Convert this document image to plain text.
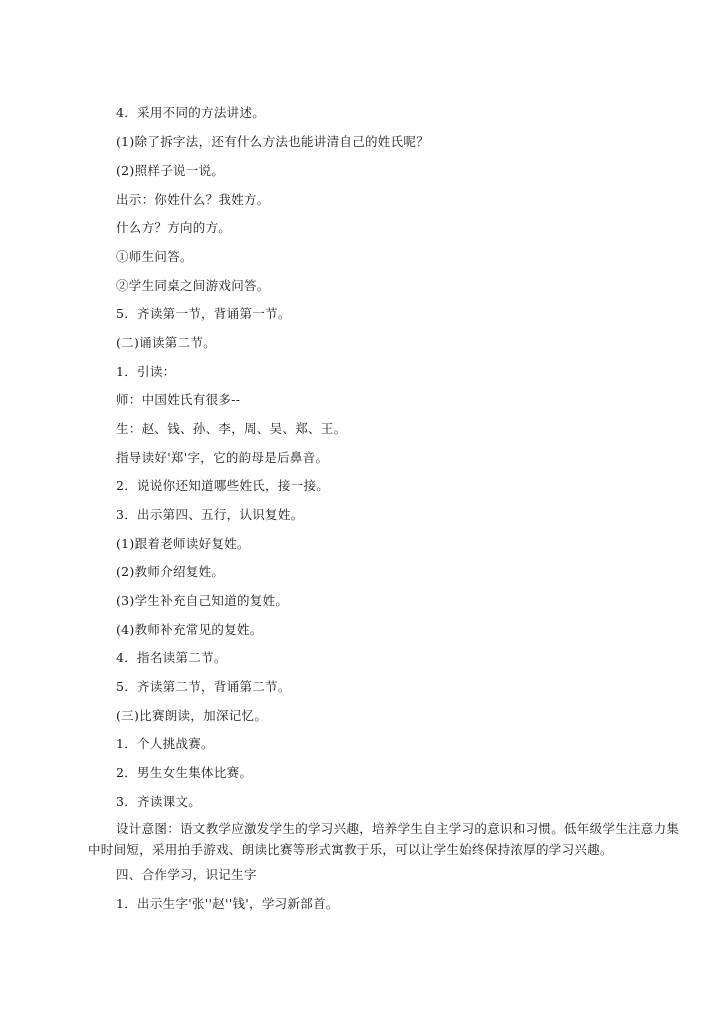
4．采用不同的方法讲述。
(1)除了拆字法，还有什么方法也能讲清自己的姓氏呢？
(2)照样子说一说。
出示：你姓什么？我姓方。
什么方？方向的方。
①师生问答。
②学生同桌之间游戏问答。
5．齐读第一节，背诵第一节。
(二)诵读第二节。
1．引读：
师：中国姓氏有很多--
生：赵、钱、孙、李，周、吴、郑、王。
指导读好'郑'字，它的韵母是后鼻音。
2．说说你还知道哪些姓氏，接一接。
3．出示第四、五行，认识复姓。
(1)跟着老师读好复姓。
(2)教师介绍复姓。
(3)学生补充自己知道的复姓。
(4)教师补充常见的复姓。
4．指名读第二节。
5．齐读第二节，背诵第二节。
(三)比赛朗读，加深记忆。
1．个人挑战赛。
2．男生女生集体比赛。
3．齐读课文。
设计意图：语文教学应激发学生的学习兴趣，培养学生自主学习的意识和习惯。低年级学生注意力集中时间短，采用拍手游戏、朗读比赛等形式寓教于乐，可以让学生始终保持浓厚的学习兴趣。
四、合作学习，识记生字
1．出示生字'张''赵''钱'，学习新部首。
